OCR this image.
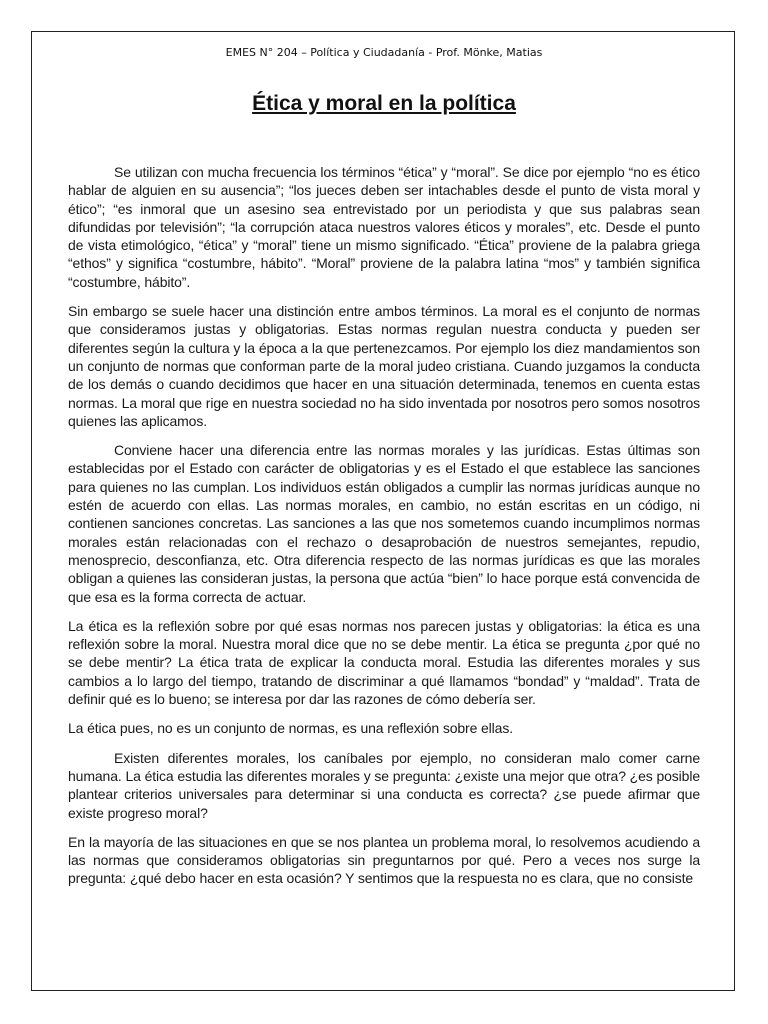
EMES N° 204 – Política y Ciudadanía - Prof. Mönke, Matias
Ética y moral en la política

Se utilizan con mucha frecuencia los términos “ética” y “moral”. Se dice por ejemplo “no es ético hablar de alguien en su ausencia”; “los jueces deben ser intachables desde el punto de vista moral y ético”; “es inmoral que un asesino sea entrevistado por un periodista y que sus palabras sean difundidas por televisión”; “la corrupción ataca nuestros valores éticos y morales”, etc. Desde el punto de vista etimológico, “ética” y “moral” tiene un mismo significado. “Ética” proviene de la palabra griega “ethos” y significa “costumbre, hábito”. “Moral” proviene de la palabra latina “mos” y también significa “costumbre, hábito”.

Sin embargo se suele hacer una distinción entre ambos términos. La moral es el conjunto de normas que consideramos justas y obligatorias. Estas normas regulan nuestra conducta y pueden ser diferentes según la cultura y la época a la que pertenezcamos. Por ejemplo los diez mandamientos son un conjunto de normas que conforman parte de la moral judeo cristiana. Cuando juzgamos la conducta de los demás o cuando decidimos que hacer en una situación determinada, tenemos en cuenta estas normas. La moral que rige en nuestra sociedad no ha sido inventada por nosotros pero somos nosotros quienes las aplicamos.

Conviene hacer una diferencia entre las normas morales y las jurídicas. Estas últimas son establecidas por el Estado con carácter de obligatorias y es el Estado el que establece las sanciones para quienes no las cumplan. Los individuos están obligados a cumplir las normas jurídicas aunque no estén de acuerdo con ellas. Las normas morales, en cambio, no están escritas en un código, ni contienen sanciones concretas. Las sanciones a las que nos sometemos cuando incumplimos normas morales están relacionadas con el rechazo o desaprobación de nuestros semejantes, repudio, menosprecio, desconfianza, etc. Otra diferencia respecto de las normas jurídicas es que las morales obligan a quienes las consideran justas, la persona que actúa “bien” lo hace porque está convencida de que esa es la forma correcta de actuar.

La ética es la reflexión sobre por qué esas normas nos parecen justas y obligatorias: la ética es una reflexión sobre la moral. Nuestra moral dice que no se debe mentir. La ética se pregunta ¿por qué no se debe mentir? La ética trata de explicar la conducta moral. Estudia las diferentes morales y sus cambios a lo largo del tiempo, tratando de discriminar a qué llamamos “bondad” y “maldad”. Trata de definir qué es lo bueno; se interesa por dar las razones de cómo debería ser.

La ética pues, no es un conjunto de normas, es una reflexión sobre ellas.

Existen diferentes morales, los caníbales por ejemplo, no consideran malo comer carne humana. La ética estudia las diferentes morales y se pregunta: ¿existe una mejor que otra? ¿es posible plantear criterios universales para determinar si una conducta es correcta? ¿se puede afirmar que existe progreso moral?

En la mayoría de las situaciones en que se nos plantea un problema moral, lo resolvemos acudiendo a las normas que consideramos obligatorias sin preguntarnos por qué. Pero a veces nos surge la pregunta: ¿qué debo hacer en esta ocasión? Y sentimos que la respuesta no es clara, que no consiste
